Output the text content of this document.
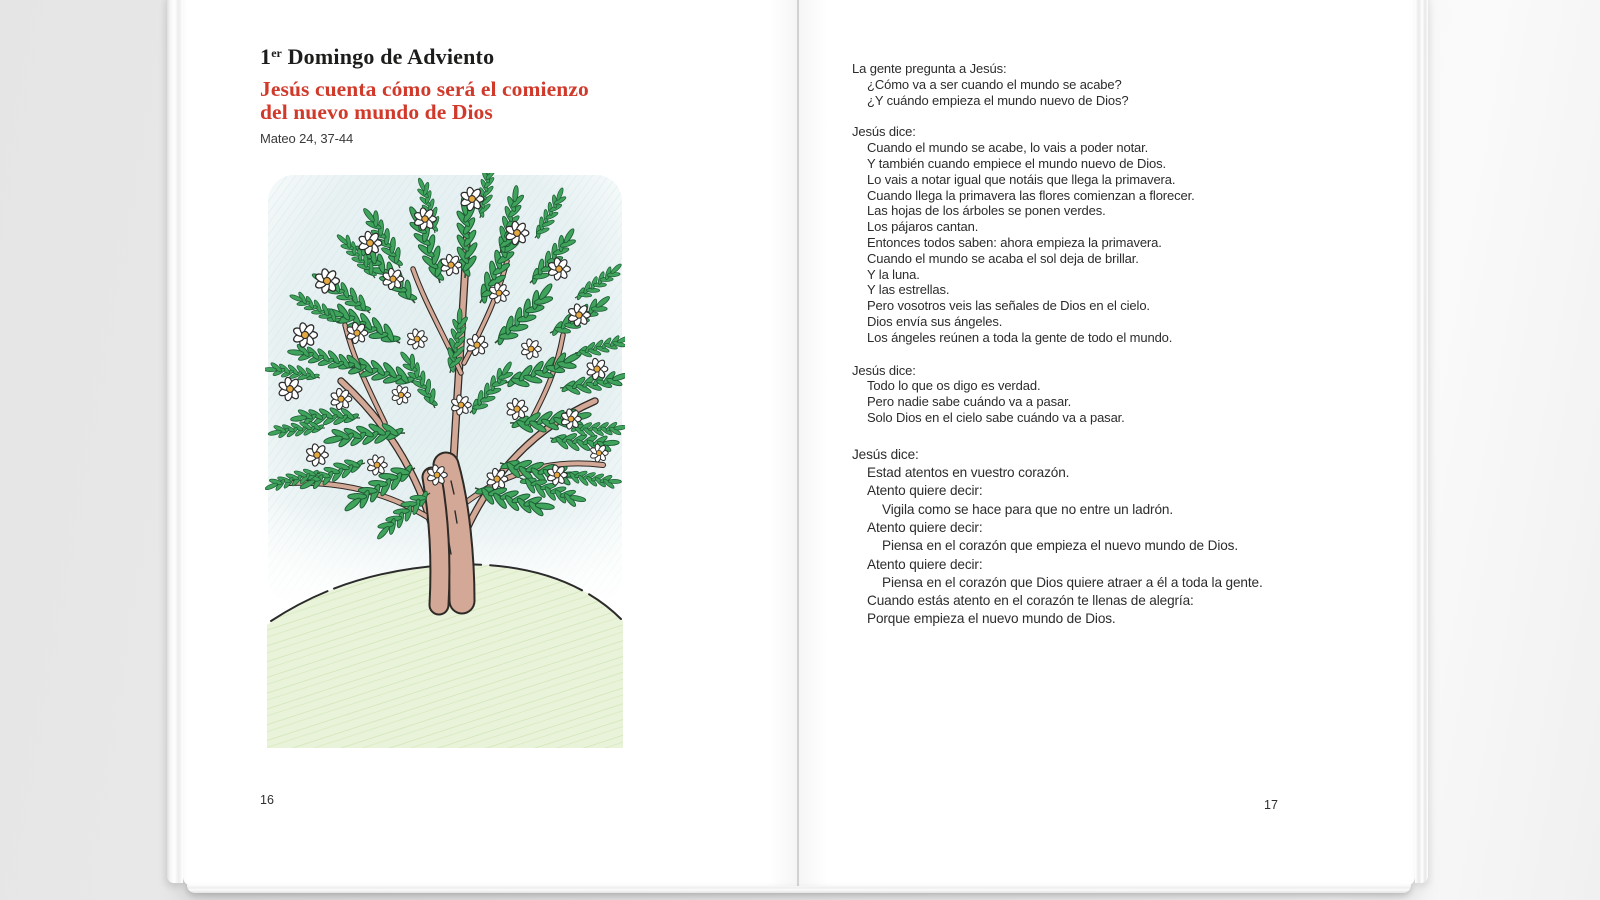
1er Domingo de Adviento
Jesús cuenta cómo será el comienzo
del nuevo mundo de Dios
Mateo 24, 37-44
16
La gente pregunta a Jesús:
¿Cómo va a ser cuando el mundo se acabe?
¿Y cuándo empieza el mundo nuevo de Dios?
Jesús dice:
Cuando el mundo se acabe, lo vais a poder notar.
Y también cuando empiece el mundo nuevo de Dios.
Lo vais a notar igual que notáis que llega la primavera.
Cuando llega la primavera las flores comienzan a florecer.
Las hojas de los árboles se ponen verdes.
Los pájaros cantan.
Entonces todos saben: ahora empieza la primavera.
Cuando el mundo se acaba el sol deja de brillar.
Y la luna.
Y las estrellas.
Pero vosotros veis las señales de Dios en el cielo.
Dios envía sus ángeles.
Los ángeles reúnen a toda la gente de todo el mundo.
Jesús dice:
Todo lo que os digo es verdad.
Pero nadie sabe cuándo va a pasar.
Solo Dios en el cielo sabe cuándo va a pasar.
Jesús dice:
Estad atentos en vuestro corazón.
Atento quiere decir:
Vigila como se hace para que no entre un ladrón.
Atento quiere decir:
Piensa en el corazón que empieza el nuevo mundo de Dios.
Atento quiere decir:
Piensa en el corazón que Dios quiere atraer a él a toda la gente.
Cuando estás atento en el corazón te llenas de alegría:
Porque empieza el nuevo mundo de Dios.
17
